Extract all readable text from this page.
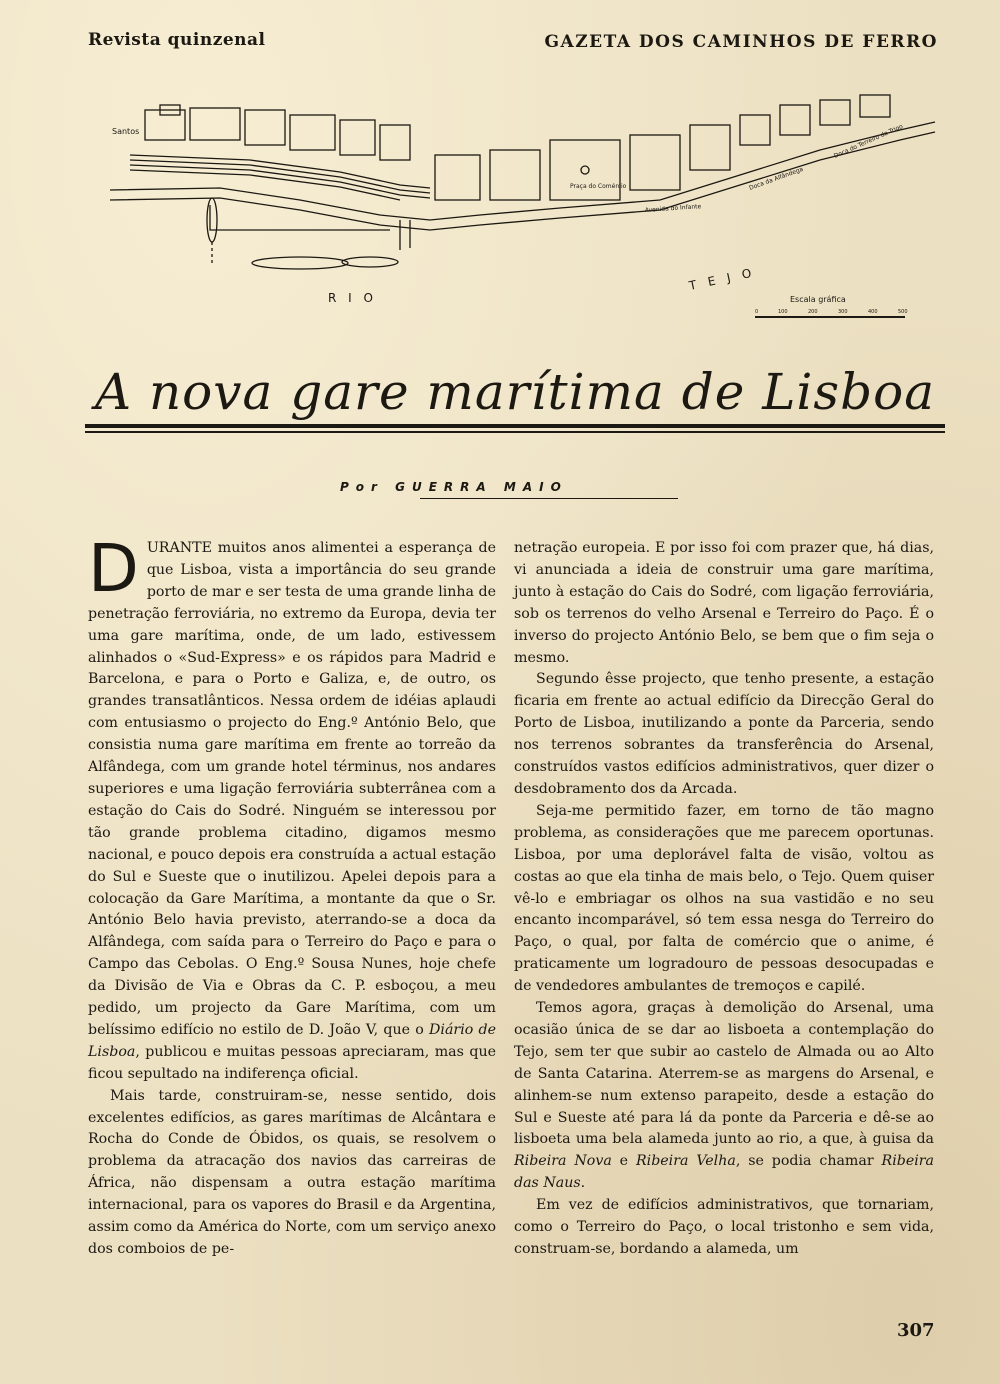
Revista quinzenal	GAZETA DOS CAMINHOS DE FERRO
Santos
R I O
T E J O
Praça do Comércio
Avenida do Infante
Doca da Alfândega
Doca do Terreiro do Trigo
Escala gráfica
0	100	200	300	400	500
A nova gare marítima de Lisboa
Por GUERRA MAIO

DURANTE muitos anos alimentei a esperança de que Lisboa, vista a importância do seu grande porto de mar e ser testa de uma grande linha de penetração ferroviária, no extremo da Europa, devia ter uma gare marítima, onde, de um lado, estivessem alinhados o «Sud-Express» e os rápidos para Madrid e Barcelona, e para o Porto e Galiza, e, de outro, os grandes transatlânticos. Nessa ordem de idéias aplaudi com entusiasmo o projecto do Eng.º António Belo, que consistia numa gare marítima em frente ao torreão da Alfândega, com um grande hotel términus, nos andares superiores e uma ligação ferroviária subterrânea com a estação do Cais do Sodré. Ninguém se interessou por tão grande problema citadino, digamos mesmo nacional, e pouco depois era construída a actual estação do Sul e Sueste que o inutilizou. Apelei depois para a colocação da Gare Marítima, a montante da que o Sr. António Belo havia previsto, aterrando-se a doca da Alfândega, com saída para o Terreiro do Paço e para o Campo das Cebolas. O Eng.º Sousa Nunes, hoje chefe da Divisão de Via e Obras da C. P. esboçou, a meu pedido, um projecto da Gare Marítima, com um belíssimo edifício no estilo de D. João V, que o Diário de Lisboa, publicou e muitas pessoas apreciaram, mas que ficou sepultado na indiferença oficial.

Mais tarde, construiram-se, nesse sentido, dois excelentes edifícios, as gares marítimas de Alcântara e Rocha do Conde de Óbidos, os quais, se resolvem o problema da atracação dos navios das carreiras de África, não dispensam a outra estação marítima internacional, para os vapores do Brasil e da Argentina, assim como da América do Norte, com um serviço anexo dos comboios de pe-

netração europeia. E por isso foi com prazer que, há dias, vi anunciada a ideia de construir uma gare marítima, junto à estação do Cais do Sodré, com ligação ferroviária, sob os terrenos do velho Arsenal e Terreiro do Paço. É o inverso do projecto António Belo, se bem que o fim seja o mesmo.

Segundo êsse projecto, que tenho presente, a estação ficaria em frente ao actual edifício da Direcção Geral do Porto de Lisboa, inutilizando a ponte da Parceria, sendo nos terrenos sobrantes da transferência do Arsenal, construídos vastos edifícios administrativos, quer dizer o desdobramento dos da Arcada.

Seja-me permitido fazer, em torno de tão magno problema, as considerações que me parecem oportunas. Lisboa, por uma deplorável falta de visão, voltou as costas ao que ela tinha de mais belo, o Tejo. Quem quiser vê-lo e embriagar os olhos na sua vastidão e no seu encanto incomparável, só tem essa nesga do Terreiro do Paço, o qual, por falta de comércio que o anime, é praticamente um logradouro de pessoas desocupadas e de vendedores ambulantes de tremoços e capilé.

Temos agora, graças à demolição do Arsenal, uma ocasião única de se dar ao lisboeta a contemplação do Tejo, sem ter que subir ao castelo de Almada ou ao Alto de Santa Catarina. Aterrem-se as margens do Arsenal, e alinhem-se num extenso parapeito, desde a estação do Sul e Sueste até para lá da ponte da Parceria e dê-se ao lisboeta uma bela alameda junto ao rio, a que, à guisa da Ribeira Nova e Ribeira Velha, se podia chamar Ribeira das Naus.

Em vez de edifícios administrativos, que tornariam, como o Terreiro do Paço, o local tristonho e sem vida, construam-se, bordando a alameda, um

307
